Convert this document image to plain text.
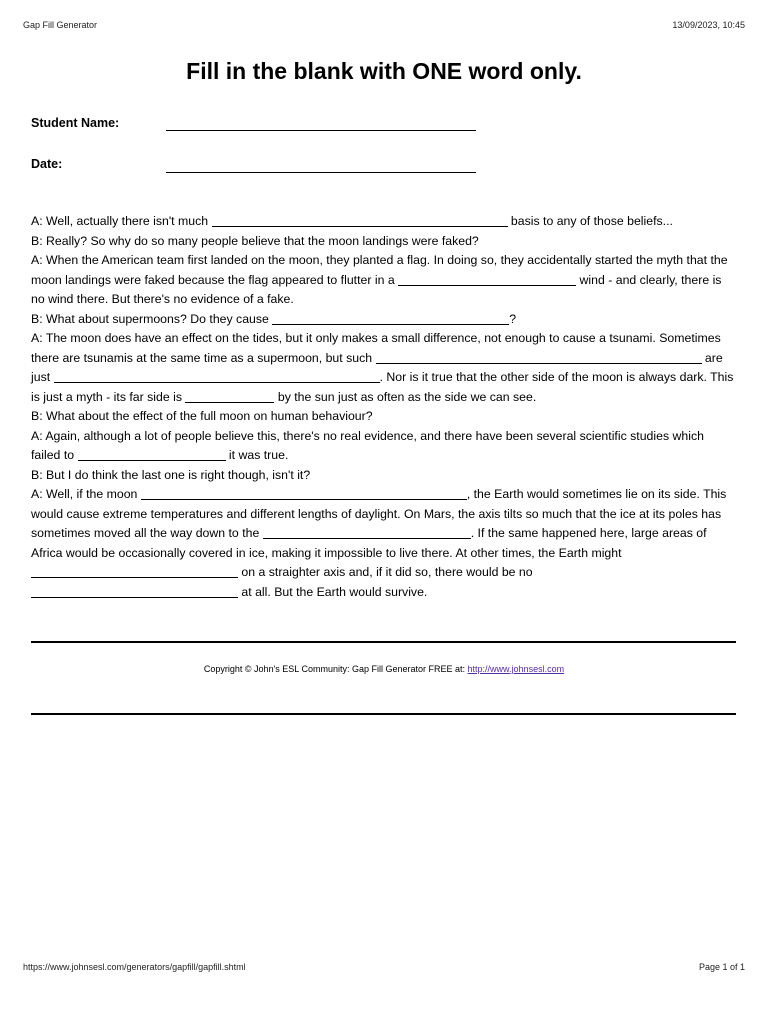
Gap Fill Generator	13/09/2023, 10:45
Fill in the blank with ONE word only.
Student Name:
Date:

A: Well, actually there isn't much	basis to any of those beliefs...

B: Really? So why do so many people believe that the moon landings were faked?

A: When the American team first landed on the moon, they planted a flag. In doing so, they accidentally started the myth that the moon landings were faked because the flag appeared to flutter in a	wind - and clearly, there is no wind there. But there's no evidence of a fake.

B: What about supermoons? Do they cause	?

A: The moon does have an effect on the tides, but it only makes a small difference, not enough to cause a tsunami. Sometimes there are tsunamis at the same time as a supermoon, but such	are just	. Nor is it true that the other side of the moon is always dark. This is just a myth - its far side is	by the sun just as often as the side we can see.

B: What about the effect of the full moon on human behaviour?

A: Again, although a lot of people believe this, there's no real evidence, and there have been several scientific studies which failed to	it was true.

B: But I do think the last one is right though, isn't it?

A: Well, if the moon	, the Earth would sometimes lie on its side. This would cause extreme temperatures and different lengths of daylight. On Mars, the axis tilts so much that the ice at its poles has sometimes moved all the way down to the	. If the same happened here, large areas of Africa would be occasionally covered in ice, making it impossible to live there. At other times, the Earth might  on a straighter axis and, if it did so, there would be no  at all. But the Earth would survive.

Copyright © John's ESL Community: Gap Fill Generator FREE at: http://www.johnsesl.com
https://www.johnsesl.com/generators/gapfill/gapfill.shtml	Page 1 of 1
